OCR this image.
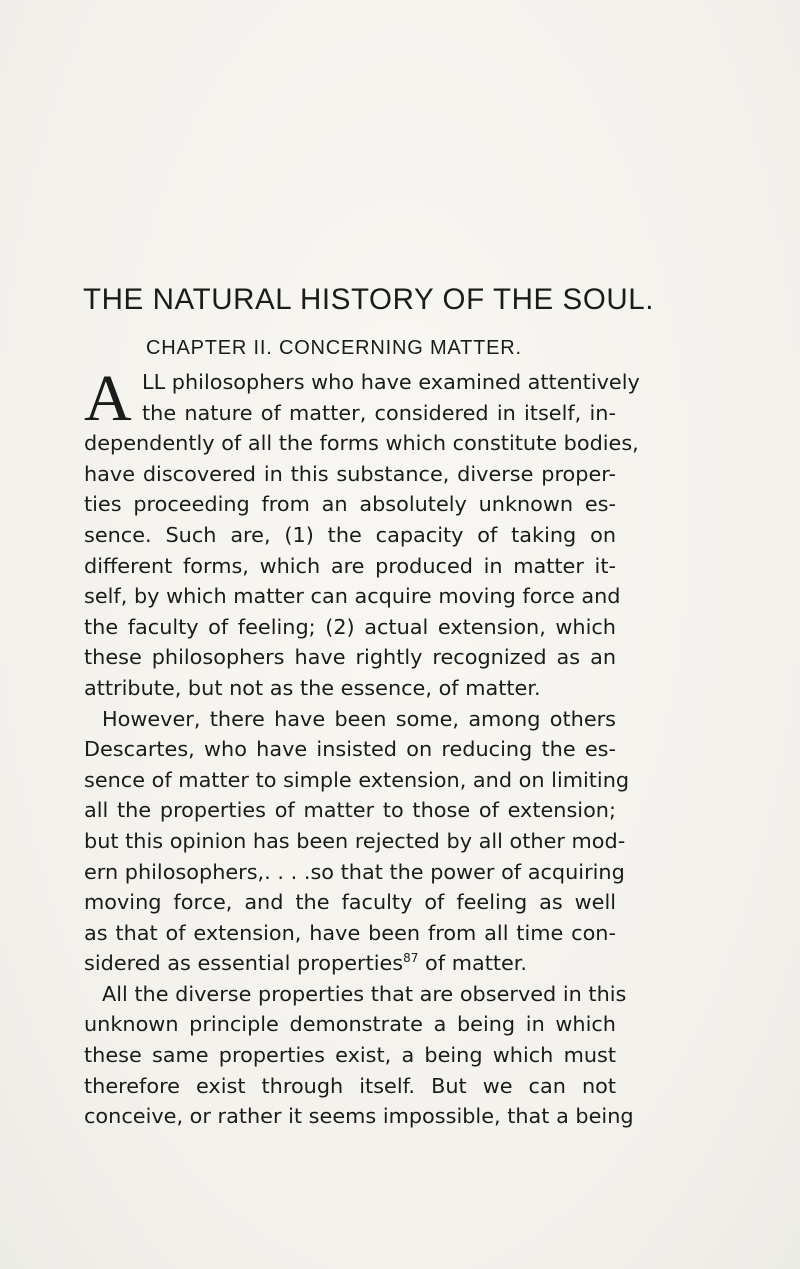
THE NATURAL HISTORY OF THE SOUL.
CHAPTER II. CONCERNING MATTER.
A LL philosophers who have examined attentively
the nature of matter, considered in itself, in-
dependently of all the forms which constitute bodies,
have discovered in this substance, diverse proper-
ties proceeding from an absolutely unknown es-
sence. Such are, (1) the capacity of taking on
different forms, which are produced in matter it-
self, by which matter can acquire moving force and
the faculty of feeling; (2) actual extension, which
these philosophers have rightly recognized as an
attribute, but not as the essence, of matter.
However, there have been some, among others
Descartes, who have insisted on reducing the es-
sence of matter to simple extension, and on limiting
all the properties of matter to those of extension;
but this opinion has been rejected by all other mod-
ern philosophers,. . . .so that the power of acquiring
moving force, and the faculty of feeling as well
as that of extension, have been from all time con-
sidered as essential properties$^{87}$ of matter.
All the diverse properties that are observed in this
unknown principle demonstrate a being in which
these same properties exist, a being which must
therefore exist through itself. But we can not
conceive, or rather it seems impossible, that a being
